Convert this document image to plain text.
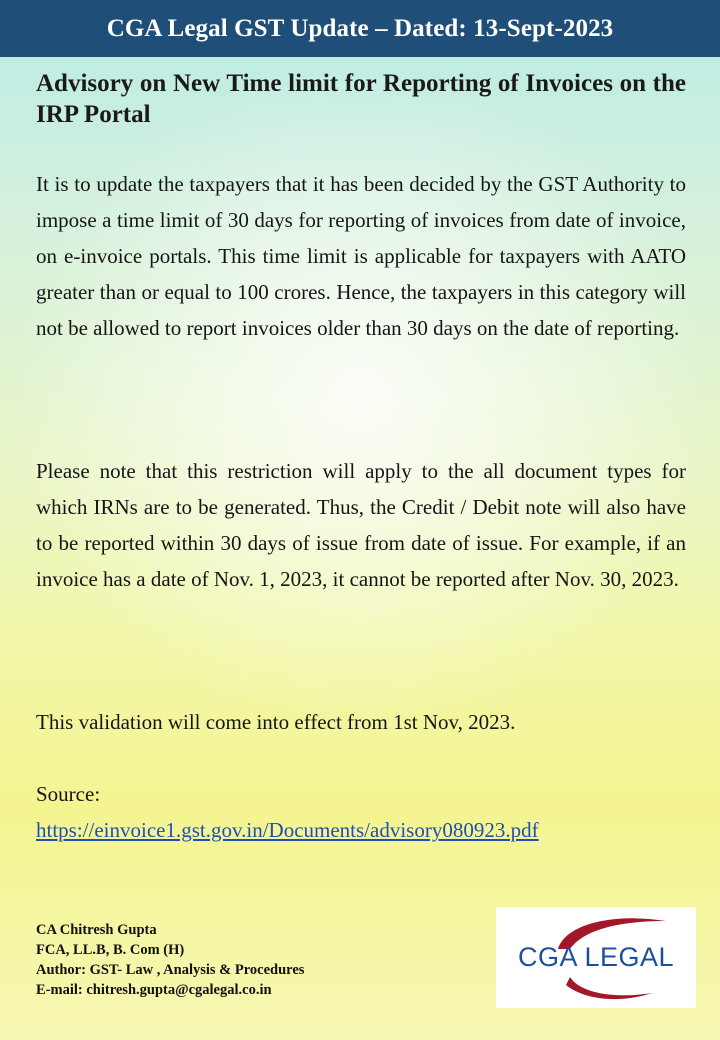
CGA Legal GST Update – Dated: 13-Sept-2023
Advisory on New Time limit for Reporting of Invoices on the IRP Portal

It is to update the taxpayers that it has been decided by the GST Authority to impose a time limit of 30 days for reporting of invoices from date of invoice, on e-invoice portals. This time limit is applicable for taxpayers with AATO greater than or equal to 100 crores. Hence, the taxpayers in this category will not be allowed to report invoices older than 30 days on the date of reporting.

Please note that this restriction will apply to the all document types for which IRNs are to be generated. Thus, the Credit / Debit note will also have to be reported within 30 days of issue from date of issue. For example, if an invoice has a date of Nov. 1, 2023, it cannot be reported after Nov. 30, 2023.

This validation will come into effect from 1st Nov, 2023.

Source:
https://einvoice1.gst.gov.in/Documents/advisory080923.pdf
CA Chitresh Gupta
FCA, LL.B, B. Com (H)
Author: GST- Law , Analysis & Procedures
E-mail: chitresh.gupta@cgalegal.co.in
CGA LEGAL
